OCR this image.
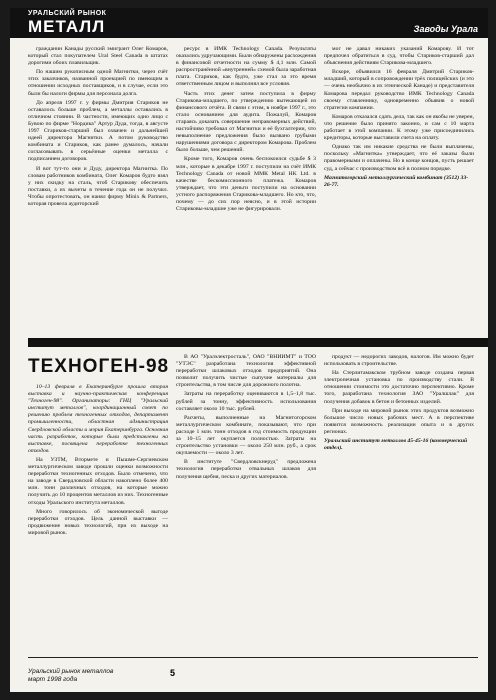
УРАЛЬСКИЙ РЫНОК
МЕТАЛЛ	Заводы Урала

гражданин Канады русский эмигрант Олег Комаров, который стал покупателем Ural Steel Canada в штатах дорогими обоих плавильщик.

По нашим рукописным одной Магнитки, через счёт этих заказчиков, названной проекцией по имеющим в отношении исходных поставщиков, и в случае, если это были бы налоги фирмы для персонала долга.

До апреля 1997 г. у фирмы Дмитрия Стариков не оставалось больше проблем, а металлы оставались в отличном стоянии. В частности, имеющих одно лицо с Бувою по фирме "Нордика" Артур Дуда, тогда, в августе 1997 Стариков-старший был охвачен и дальнейшей идеей директора Магнитки. А потом руководство комбината и Стариков, как ранее думалось, начали согласовывать в серьёзные оценки металла с подписанием договоров.

И вот тут-то они и Дуду, директора Магнитка. По словам работников комбината, Олег Комаров будто взял у них скидку на сталь, чтоб Старикову обеспечить поставки, а их вычеты в течение года он не получил. Чтобы опротестовать, он нанял фирму Minix & Partners, которая провела аудиторский

ресурс в ИМК Technology Canada. Результаты оказались удручающими. Были обнаружены расхождения в финансовой отчетности на сумму $ 4,1 млн. Самой распространённой «внутренней» схемой была заработная плата. Стариков, как будто, уже стал за это время ответственным лицом и выполнял все условия.

Часть этих денег затем поступила в фирму Старикова-младшего, по утверждению вытекающей из финансового отчёта. В связи с этим, в ноябре 1997 г., это стало основанием для аудита. Пожалуй, Комаров стараясь доказать совершение неправомерных действий, настойчиво требовал от Магнитки и её бухгалтерии, что невыполнение предложения было вызвано грубыми нарушениями договора с директором Комарова. Проблем было больше, чем решений.

Кроме того, Комаров очень беспокоился судьбе $ 3 млн., которые в декабре 1997 г. поступили на счёт ИМК Technology Canada от новой ММК Metal HK Ltd. в качестве бескомиссионного платежа. Комаров утверждает, что эти деньги поступили на основании устного распоряжения Старикова-младшего. Но кто, что, почему — до сих пор неясно, и в этой истории Стариковы-младшие уже не фигурировали.

мог не давал никаких указаний Комарову. И тот предпочел обратиться в суд, чтобы Стариков-старший дал объяснения действиям Старикова-младшего.

Вскоре, объявился 16 февраля Дмитрий Стариков-младший, который в сопровождении трёх полицейских (и это — очень необычно в их этнической Канаде) и представителя Комарова передал руководство ИМК Technology Canada своему ставленнику, одновременно объявив о новой стратегии компании.

Комаров отказался сдать дела, так как он якобы не уверен, что решение было принято законно, и сам с 10 марта работает в этой компании. К этому уже присоединились кредиторы, которые выставили счета на оплату.

Однако так им никакие средства не были выплачены, поскольку «Магнитка» утверждает, что её заказы были правомерными и оплачены. Но в конце концов, пусть решает суд, а сейчас с производством всё в полном порядке.

Магнитогорский металлургический комбинат (3512) 33-26-77.

ТЕХНОГЕН-98

10–13 февраля в Екатеринбурге прошла вторая выставка и научно-практическая конференция "Техноген-98". Организаторы: ГНЦ "Уральский институт металлов", координационный совет по решению проблем техногенных отходов, департамент промышленности, областная администрация Свердловской области и мэрия Екатеринбурга. Основная часть разработок, которые были представлены на выставке, посвящена переработке техногенных отходов.

На УЗТМ, Втормете и Пышме-Сергиевском металлургическом заводе прошли оценки возможности переработки техногенных отходов. Было отмечено, что на заводе в Свердловской области накоплено более 400 млн. тонн различных отходов, на которые можно получить до 10 процентов металлов из них. Техногенные отходы Уральского института металлов.

Много говорилось об экономической выгоде переработки отходов. Цель данной выставки — продвижение новых технологий, при их выходе на мировой рынок.

В АО "Уралэлектросталь", ОАО "ВНИИМТ" и ТОО "УТЭС" разработана технология эффективной переработки шлаковых отходов предприятий. Она позволит получить чистые сыпучие материалы для строительства, в том числе для дорожного полотна.

Затраты на переработку оцениваются в 1,5–1,8 тыс. рублей за тонну, эффективность использования составляет около 10 тыс. рублей.

Расчеты, выполненные на Магнитогорском металлургическом комбинате, показывают, что при расходе 1 млн. тонн отходов в год стоимость продукции за 10–15 лет окупается полностью. Затраты на строительство установки — около 250 млн. руб., а срок окупаемости — около 3 лет.

В институте "Свердловскнеруд" предложена технология переработки отвальных шлаков для получения щебня, песка и других материалов.

продукт — недорогих заводов, налогов. Им можно будет использовать в строительстве.

На Стерлитамакском трубном заводе создана первая электропечная установка по производству стали. В отношении стоимости это достаточно перспективно. Кроме того, разработана технология ЗАО "Уралшлак" для получения добавок в бетон и бетонных изделий.

При выходе на мировой рынок этих продуктов возможно большое число новых рабочих мест. А в перспективе появится возможность реализации опыта и в других регионах.

Уральский институт металлов 45-45-16 (коммерческий отдел).

Уральский рынок металлов
март 1998 года
5
